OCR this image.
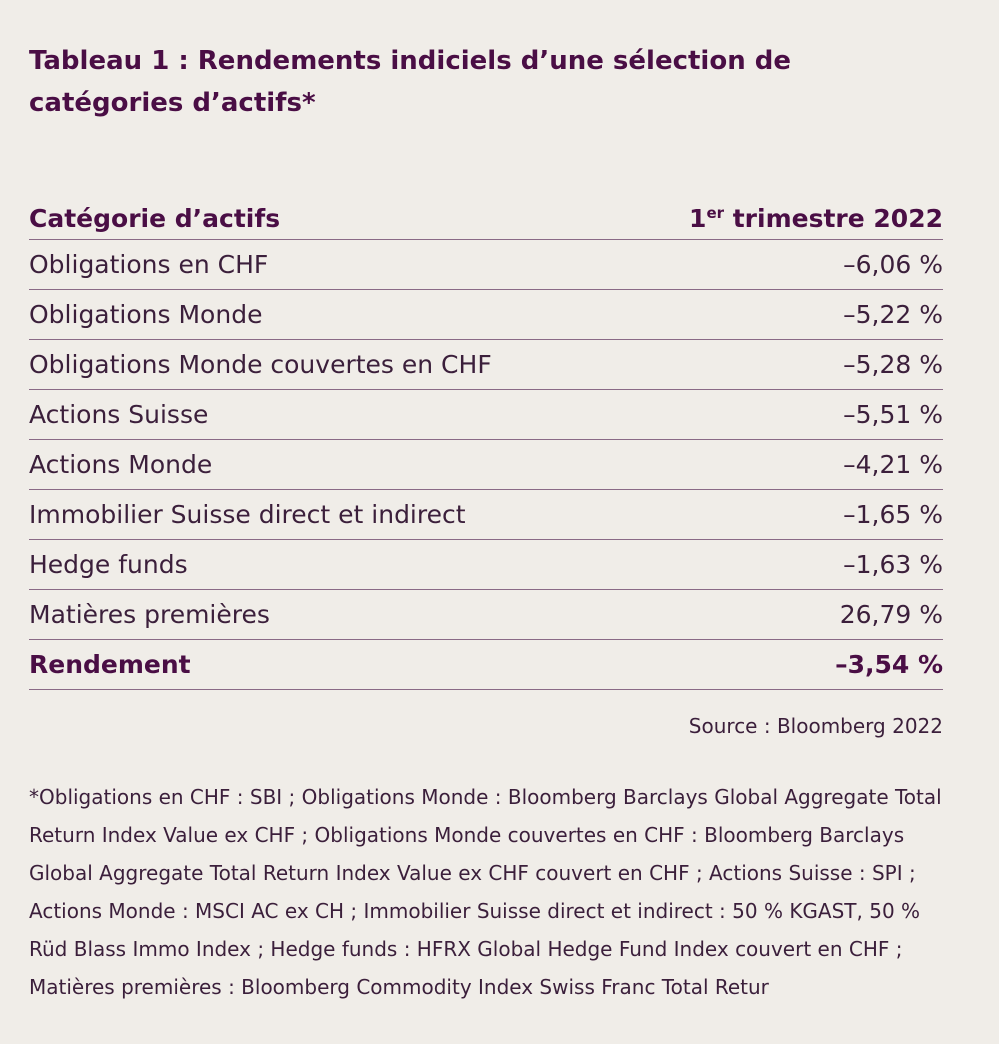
Tableau 1 : Rendements indiciels d’une sélection de catégories d’actifs*
Catégorie d’actifs	1er trimestre 2022
Obligations en CHF	–6,06 %
Obligations Monde	–5,22 %
Obligations Monde couvertes en CHF	–5,28 %
Actions Suisse	–5,51 %
Actions Monde	–4,21 %
Immobilier Suisse direct et indirect	–1,65 %
Hedge funds	–1,63 %
Matières premières	26,79 %
Rendement	–3,54 %
Source : Bloomberg 2022

*Obligations en CHF : SBI ; Obligations Monde : Bloomberg Barclays Global Aggregate Total Return Index Value ex CHF ; Obligations Monde couvertes en CHF : Bloomberg Barclays Global Aggregate Total Return Index Value ex CHF couvert en CHF ; Actions Suisse : SPI ; Actions Monde : MSCI AC ex CH ; Immobilier Suisse direct et indirect : 50 % KGAST, 50 % Rüd Blass Immo Index ; Hedge funds : HFRX Global Hedge Fund Index couvert en CHF ; Matières premières : Bloomberg Commodity Index Swiss Franc Total Retur
